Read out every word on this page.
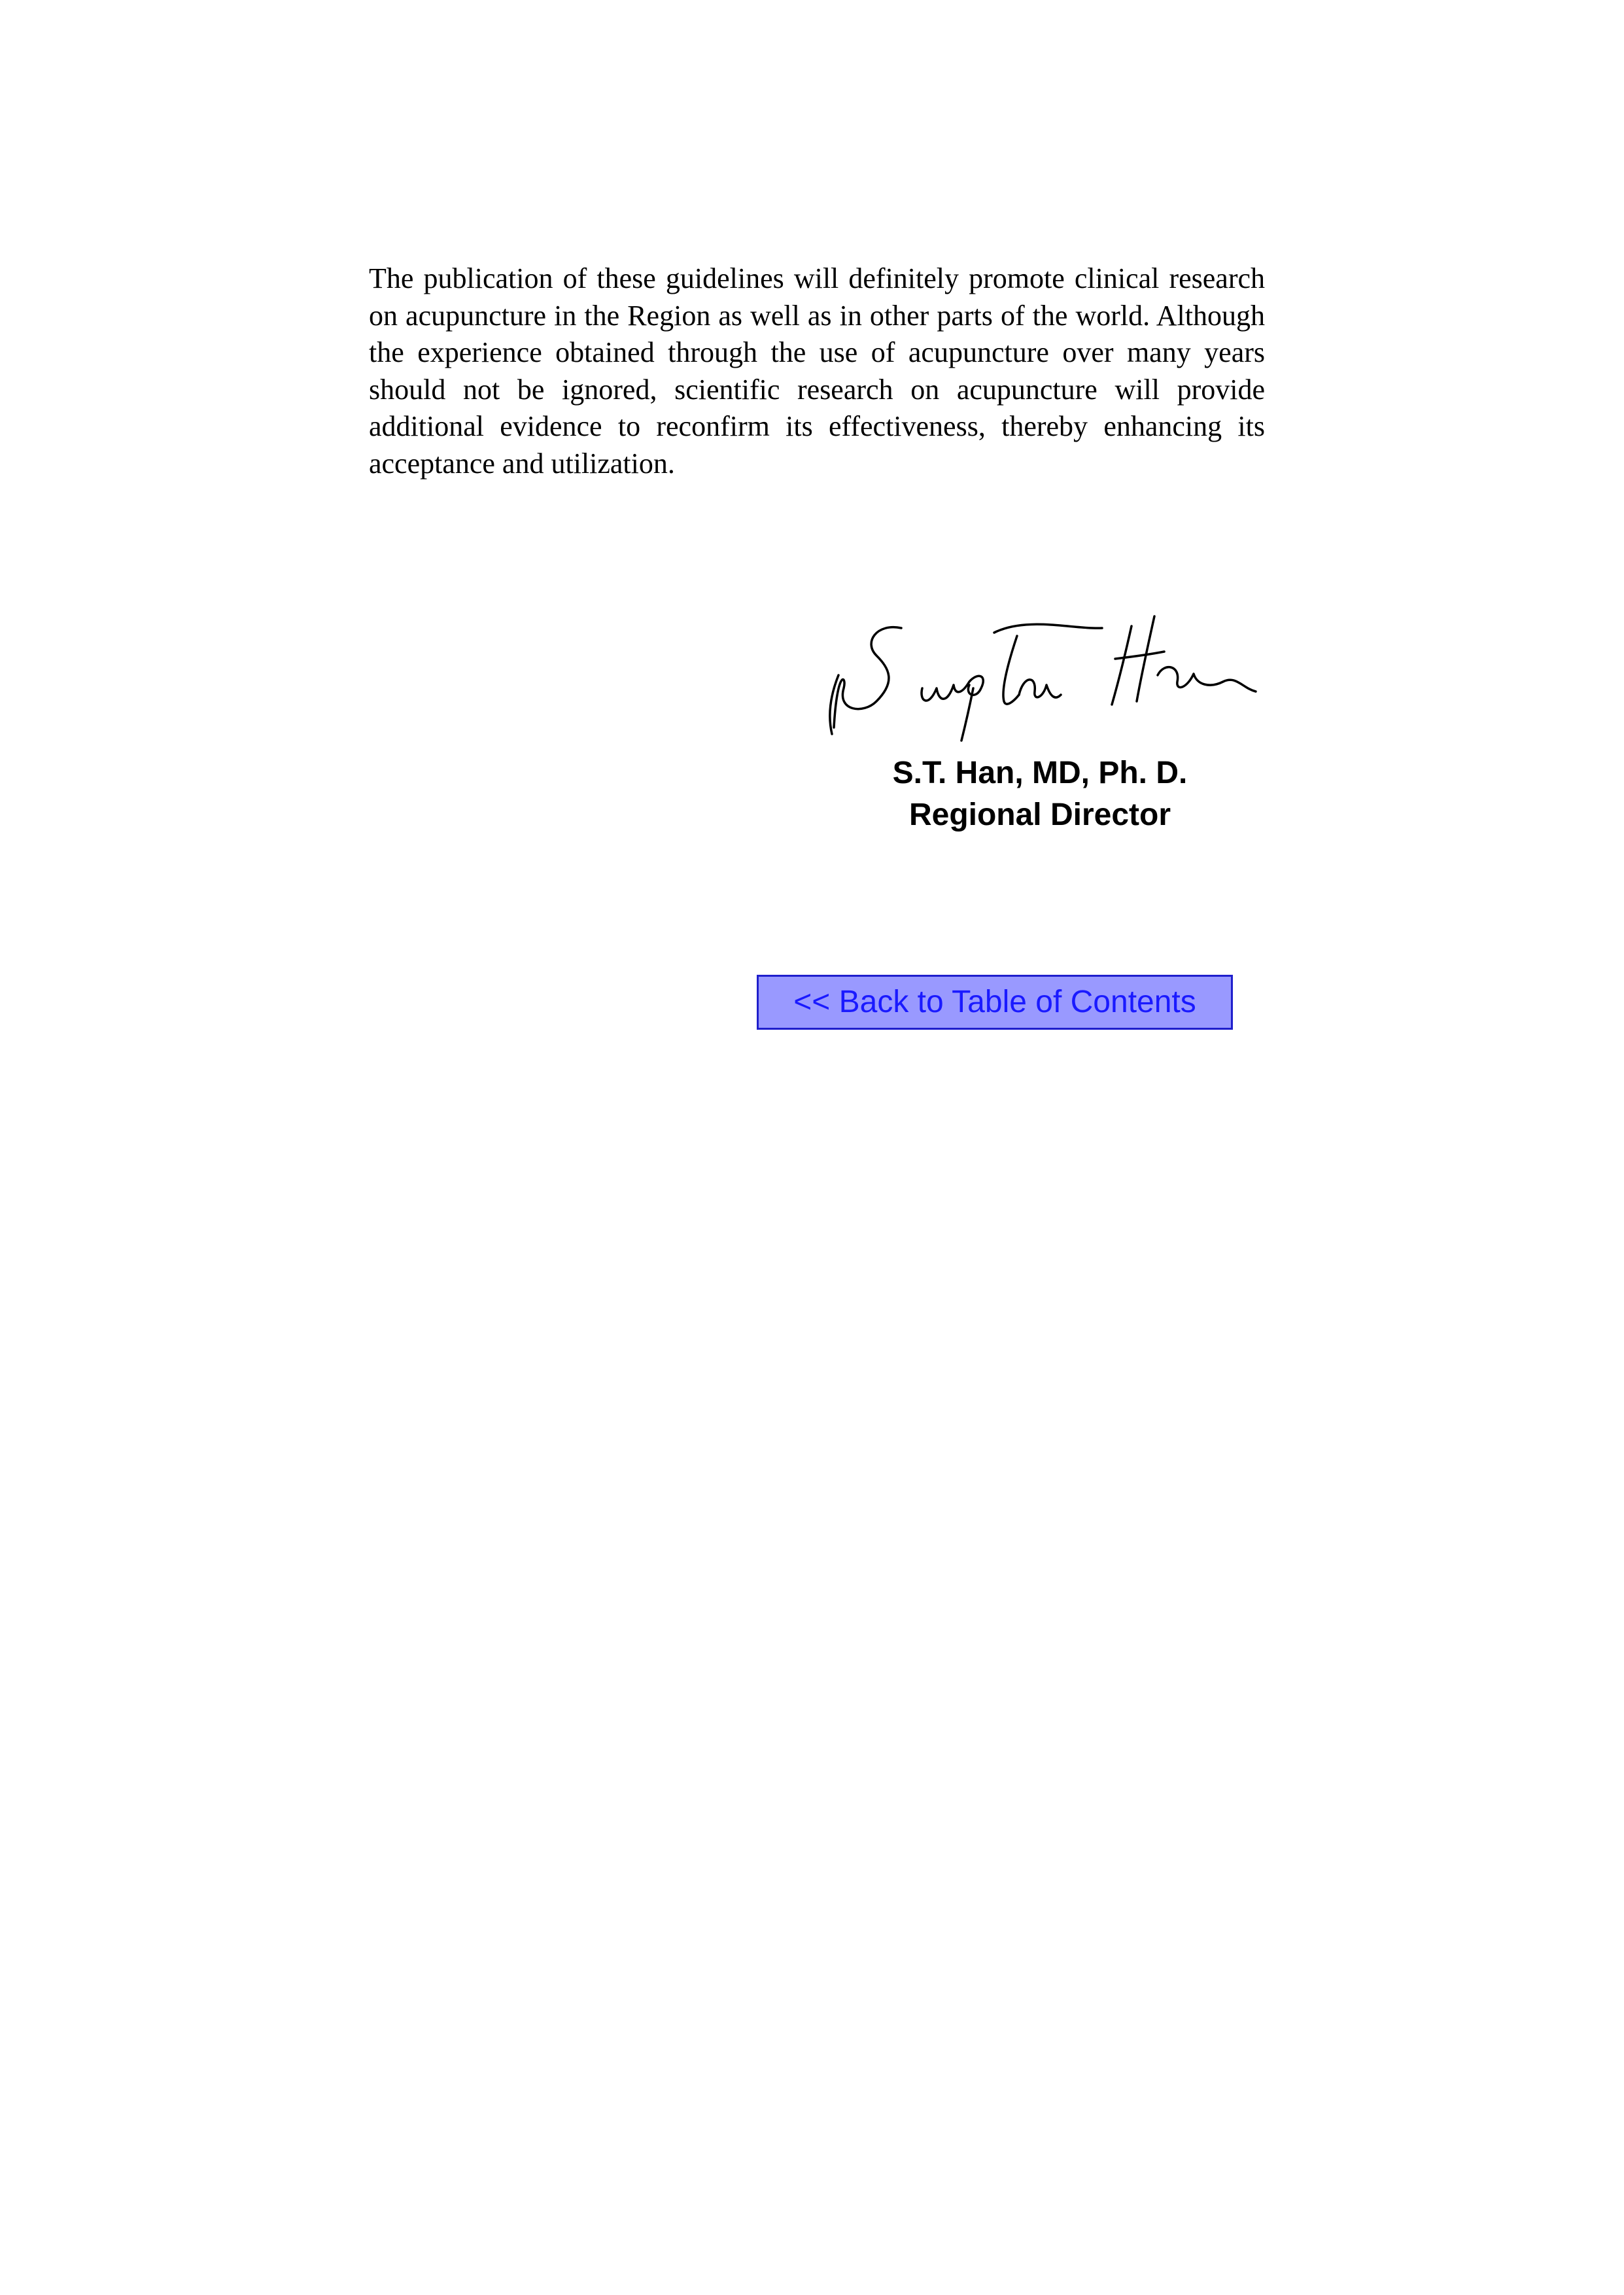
The publication of these guidelines will definitely promote clinical research on acupuncture in the Region as well as in other parts of the world. Although the experience obtained through the use of acupuncture over many years should not be ignored, scientific research on acupuncture will provide additional evidence to reconfirm its effectiveness, thereby enhancing its acceptance and utilization.

S.T. Han, MD, Ph. D.
Regional Director
<< Back to Table of Contents
